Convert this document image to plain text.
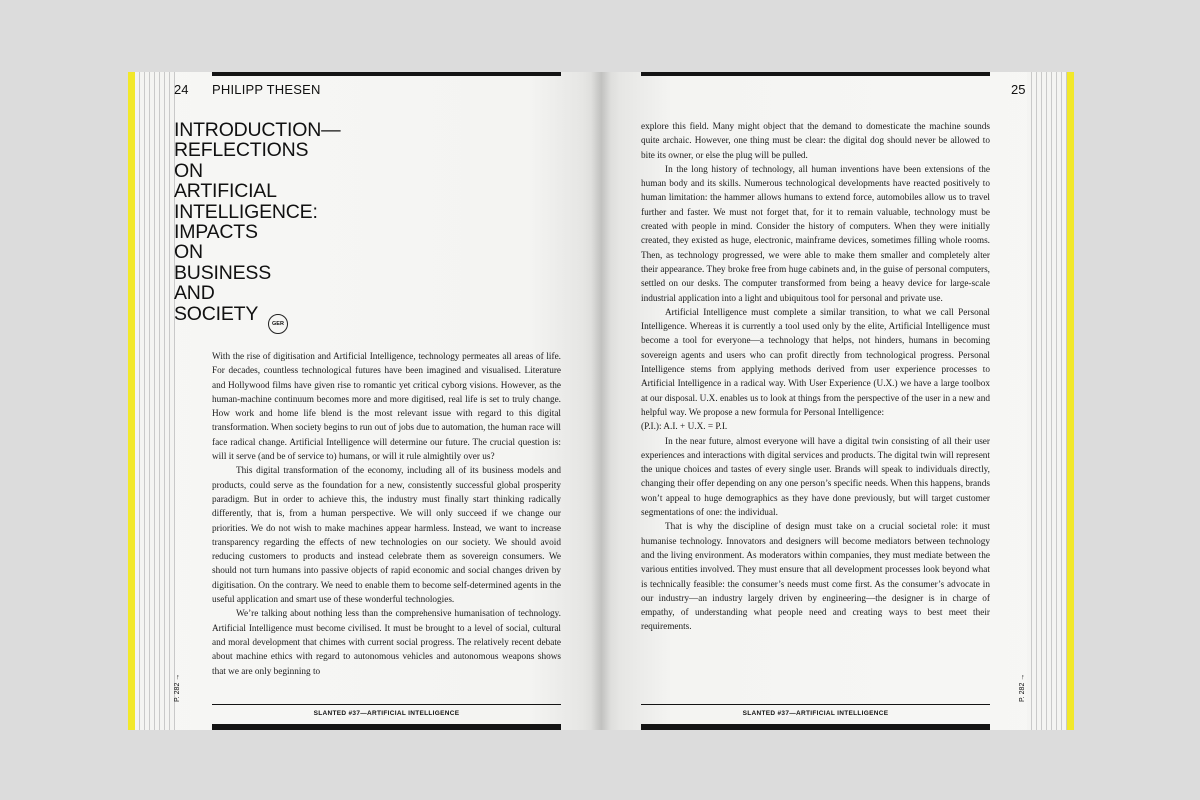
24 PHILIPP THESEN
INTRODUCTION—
REFLECTIONS
ON
ARTIFICIAL
INTELLIGENCE:
IMPACTS
ON
BUSINESS
AND
SOCIETY	GER

With the rise of digitisation and Artificial Intelligence, technology permeates all areas of life. For decades, countless technological futures have been imagined and visualised. Literature and Hollywood films have given rise to romantic yet critical cyborg visions. However, as the human-machine continuum becomes more and more digitised, real life is set to truly change. How work and home life blend is the most relevant issue with regard to this digital transformation. When society begins to run out of jobs due to automation, the human race will face radical change. Artificial Intelligence will determine our future. The crucial question is: will it serve (and be of service to) humans, or will it rule almightily over us?

This digital transformation of the economy, including all of its business models and products, could serve as the foundation for a new, consistently successful global prosperity paradigm. But in order to achieve this, the industry must finally start thinking radically differently, that is, from a human perspective. We will only succeed if we change our priorities. We do not wish to make machines appear harmless. Instead, we want to increase transparency regarding the effects of new technologies on our society. We should avoid reducing customers to products and instead celebrate them as sovereign consumers. We should not turn humans into passive objects of rapid economic and social changes driven by digitisation. On the contrary. We need to enable them to become self-determined agents in the useful application and smart use of these wonderful technologies.

We’re talking about nothing less than the comprehensive humanisation of technology. Artificial Intelligence must become civilised. It must be brought to a level of social, cultural and moral development that chimes with current social progress. The relatively recent debate about machine ethics with regard to autonomous vehicles and autonomous weapons shows that we are only beginning to

P. 282 →
SLANTED #37—ARTIFICIAL INTELLIGENCE
25

explore this field. Many might object that the demand to domesticate the machine sounds quite archaic. However, one thing must be clear: the digital dog should never be allowed to bite its owner, or else the plug will be pulled.

In the long history of technology, all human inventions have been extensions of the human body and its skills. Numerous technological developments have reacted positively to human limitation: the hammer allows humans to extend force, automobiles allow us to travel further and faster. We must not forget that, for it to remain valuable, technology must be created with people in mind. Consider the history of computers. When they were initially created, they existed as huge, electronic, mainframe devices, sometimes filling whole rooms. Then, as technology progressed, we were able to make them smaller and completely alter their appearance. They broke free from huge cabinets and, in the guise of personal computers, settled on our desks. The computer transformed from being a heavy device for large-scale industrial application into a light and ubiquitous tool for personal and private use.

Artificial Intelligence must complete a similar transition, to what we call Personal Intelligence. Whereas it is currently a tool used only by the elite, Artificial Intelligence must become a tool for everyone—a technology that helps, not hinders, humans in becoming sovereign agents and users who can profit directly from technological progress. Personal Intelligence stems from applying methods derived from user experience processes to Artificial Intelligence in a radical way. With User Experience (U.X.) we have a large toolbox at our disposal. U.X. enables us to look at things from the perspective of the user in a new and helpful way. We propose a new formula for Personal Intelligence:

(P.I.): A.I. + U.X. = P.I.

In the near future, almost everyone will have a digital twin consisting of all their user experiences and interactions with digital services and products. The digital twin will represent the unique choices and tastes of every single user. Brands will speak to individuals directly, changing their offer depending on any one person’s specific needs. When this happens, brands won’t appeal to huge demographics as they have done previously, but will target customer segmentations of one: the individual.

That is why the discipline of design must take on a crucial societal role: it must humanise technology. Innovators and designers will become mediators between technology and the living environment. As moderators within companies, they must mediate between the various entities involved. They must ensure that all development processes look beyond what is technically feasible: the consumer’s needs must come first. As the consumer’s advocate in our industry—an industry largely driven by engineering—the designer is in charge of empathy, of understanding what people need and creating ways to best meet their requirements.

P. 282 →
SLANTED #37—ARTIFICIAL INTELLIGENCE
